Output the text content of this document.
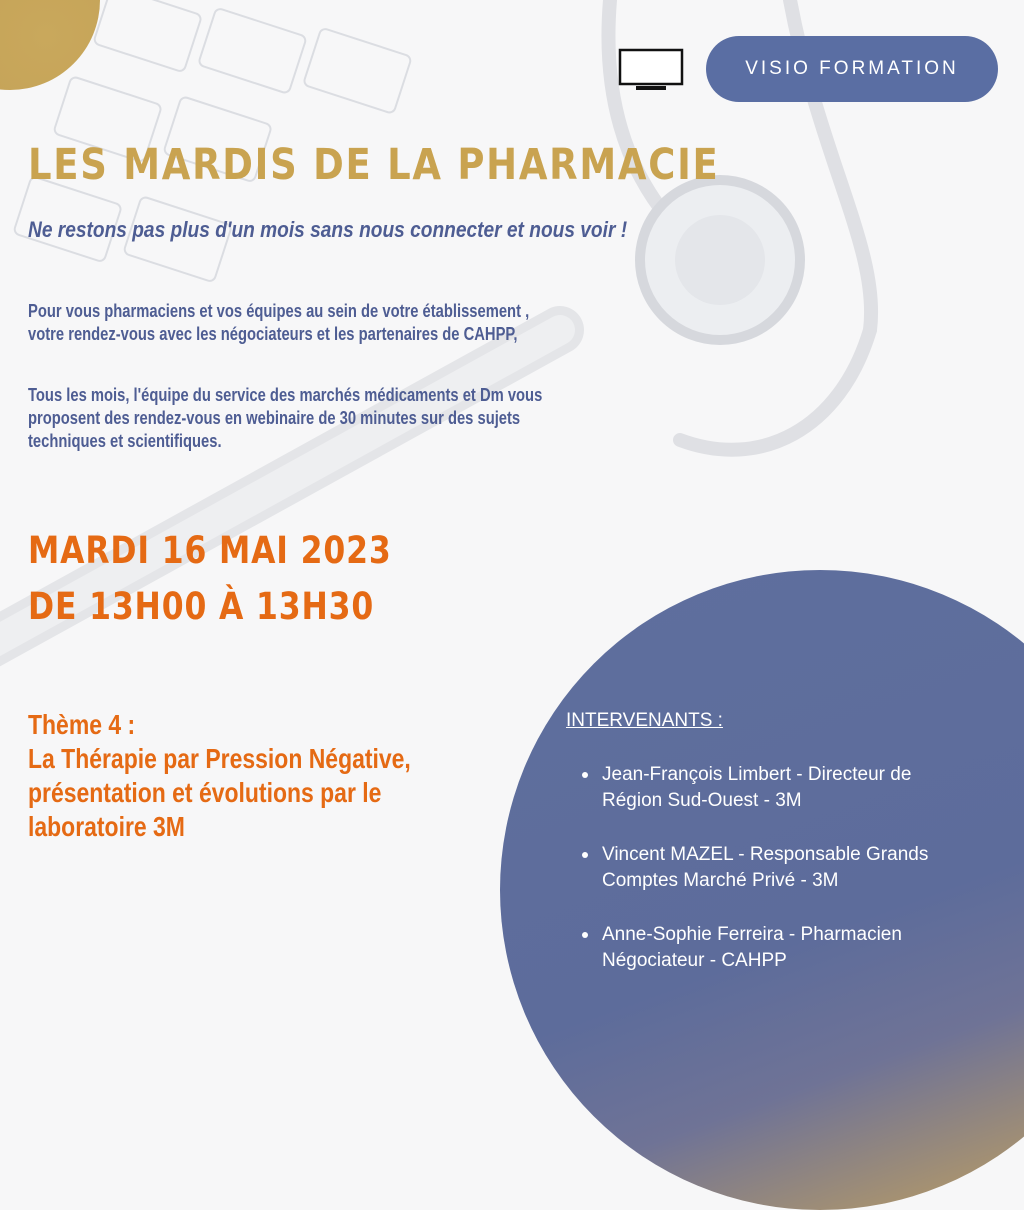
VISIO FORMATION
LES MARDIS DE LA PHARMACIE

Ne restons pas plus d'un mois sans nous connecter et nous voir !

Pour vous pharmaciens et vos équipes au sein de votre établissement ,
votre rendez-vous avec les négociateurs et les partenaires de CAHPP,
Tous les mois, l'équipe du service des marchés médicaments et Dm vous
proposent des rendez-vous en webinaire de 30 minutes sur des sujets
techniques et scientifiques.

MARDI 16 MAI 2023

DE 13H00 À 13H30

Thème 4 :
La Thérapie par Pression Négative,
présentation et évolutions par le
laboratoire 3M

INTERVENANTS :

Jean-François Limbert - Directeur de
Région Sud-Ouest - 3M
Vincent MAZEL - Responsable Grands
Comptes Marché Privé - 3M
Anne-Sophie Ferreira - Pharmacien
Négociateur - CAHPP
